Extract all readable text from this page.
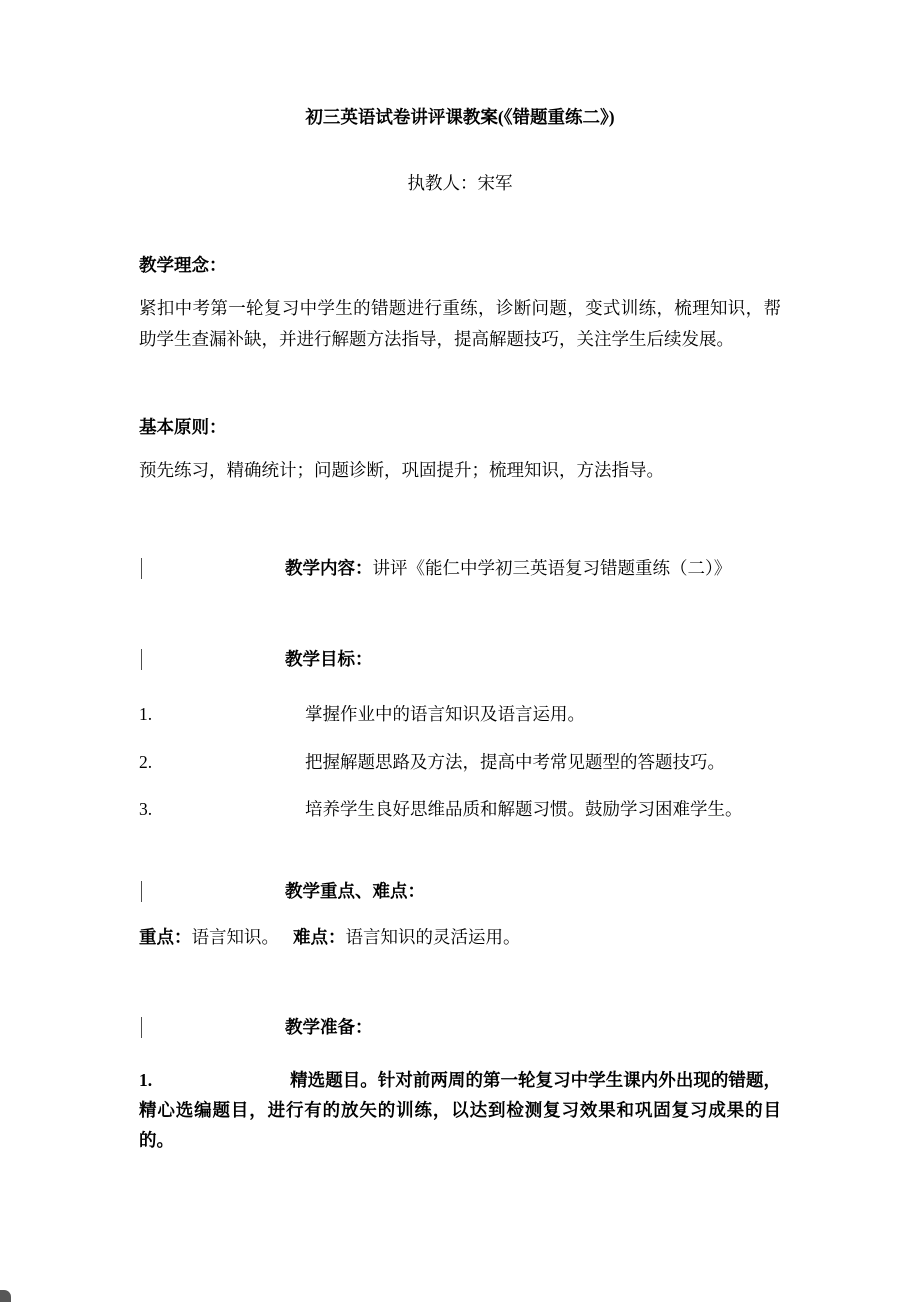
初三英语试卷讲评课教案(《错题重练二》)

执教人：宋军

教学理念：

紧扣中考第一轮复习中学生的错题进行重练，诊断问题，变式训练，梳理知识，帮助学生查漏补缺，并进行解题方法指导，提高解题技巧，关注学生后续发展。

基本原则：

预先练习，精确统计；问题诊断，巩固提升；梳理知识，方法指导。

教学内容：讲评《能仁中学初三英语复习错题重练（二）》

教学目标：

1.	掌握作业中的语言知识及语言运用。
2.	把握解题思路及方法，提高中考常见题型的答题技巧。
3.	培养学生良好思维品质和解题习惯。鼓励学习困难学生。

教学重点、难点：

重点：语言知识。 难点：语言知识的灵活运用。

教学准备：

1.	精选题目。针对前两周的第一轮复习中学生课内外出现的错题，精心选编题目，进行有的放矢的训练，以达到检测复习效果和巩固复习成果的目的。
